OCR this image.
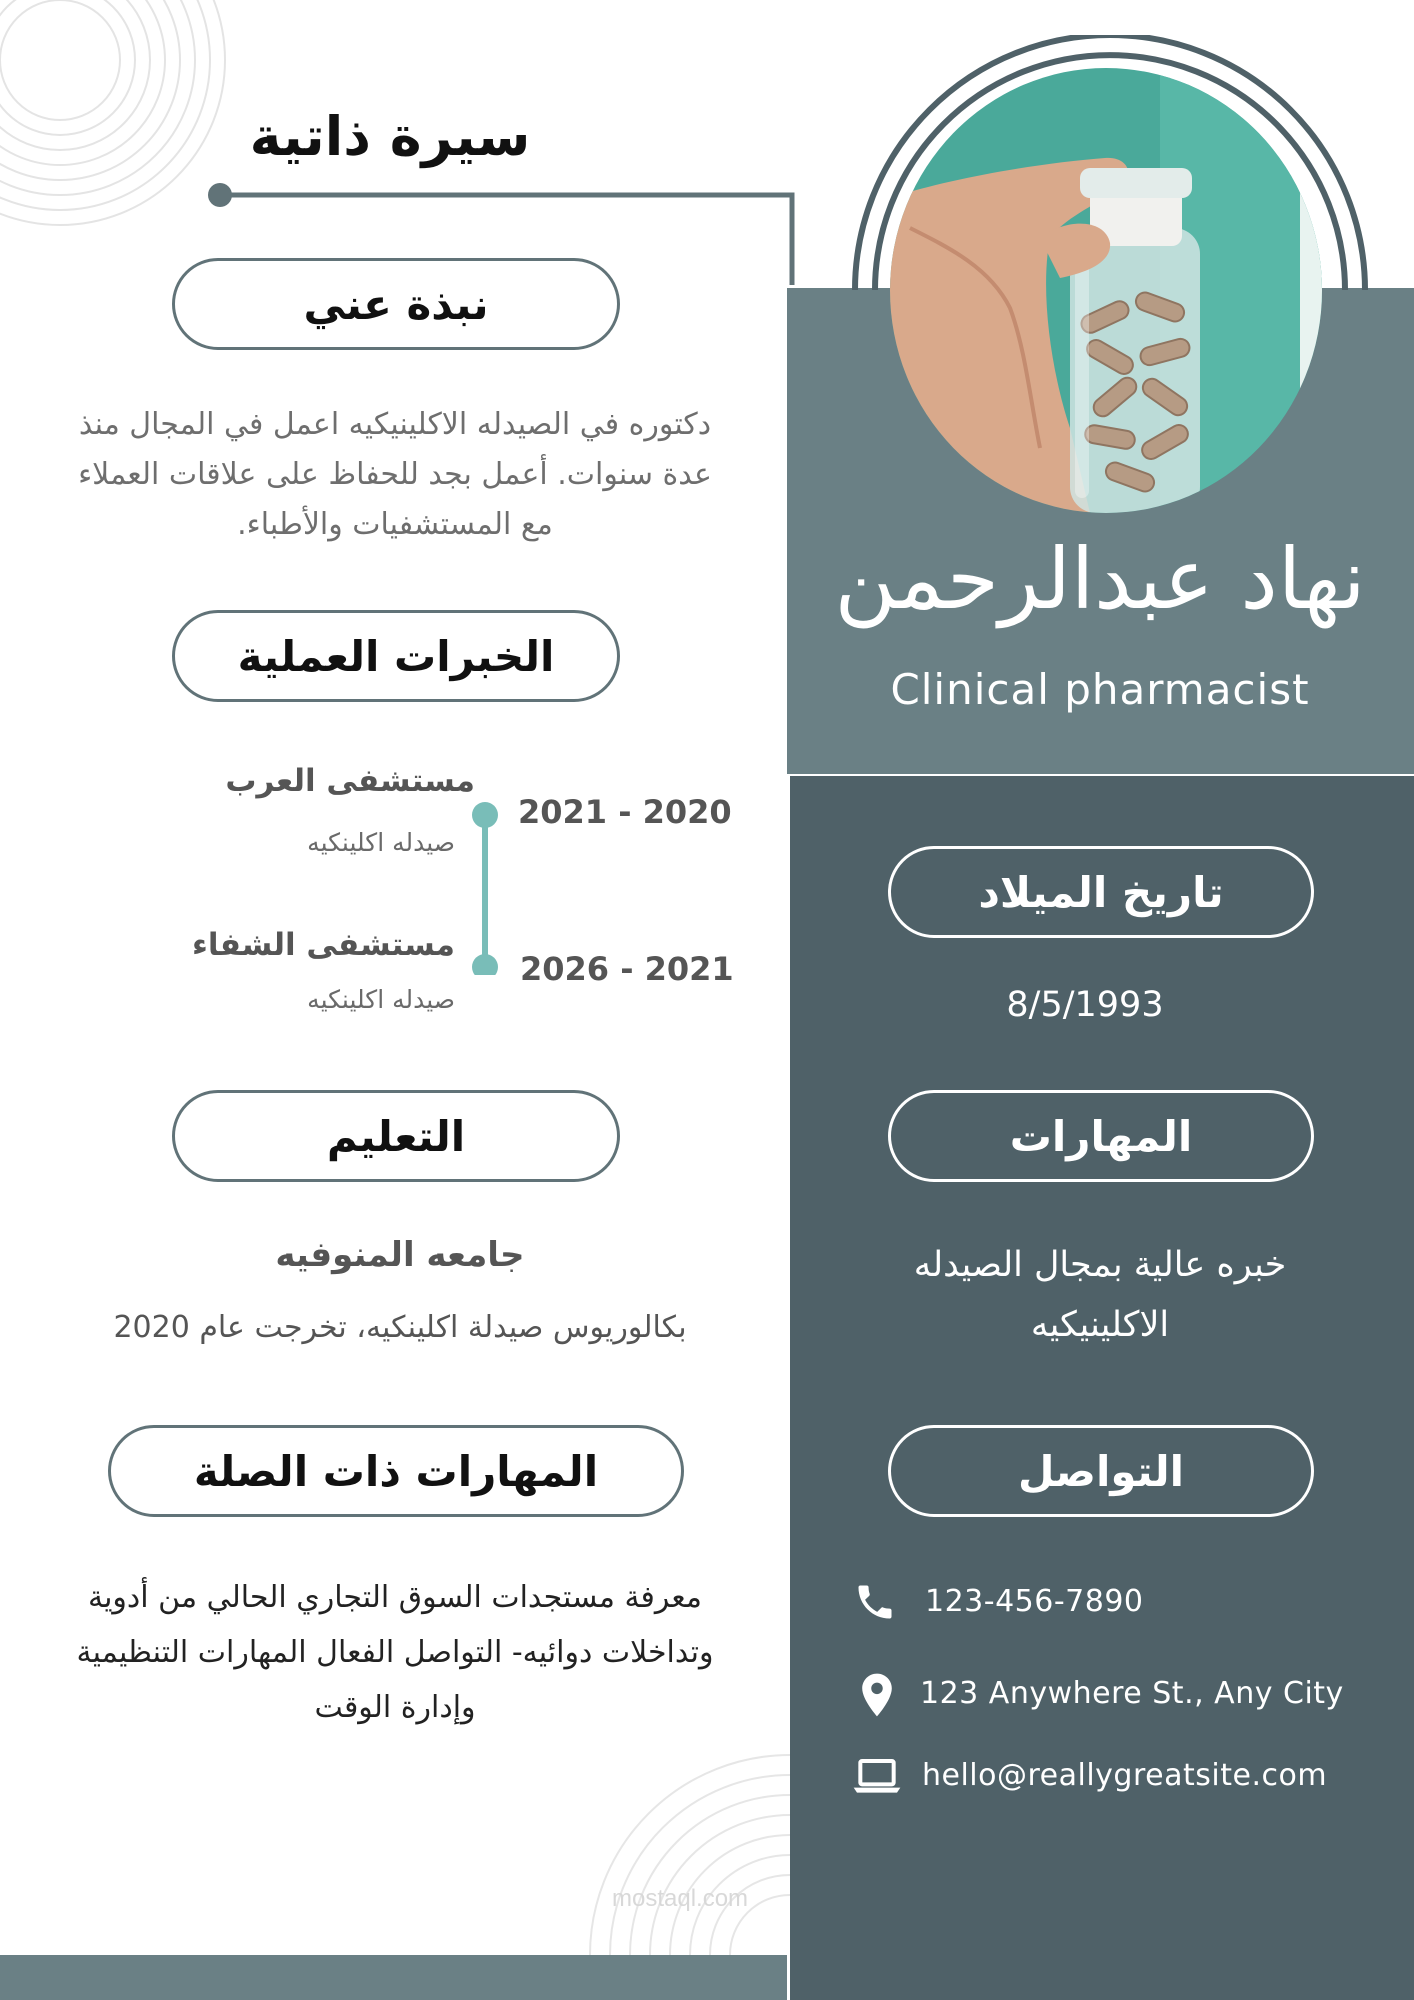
mostaql.com
سيرة ذاتية
نبذة عني
دكتوره في الصيدله الاكلينيكيه اعمل في المجال منذ عدة سنوات. أعمل بجد للحفاظ على علاقات العملاء مع المستشفيات والأطباء.
الخبرات العملية
مستشفى العرب
صيدله اكلينكيه
2021 - 2020
مستشفى الشفاء
صيدله اكلينكيه
2026 - 2021
التعليم
جامعه المنوفيه
بكالوريوس صيدلة اكلينكيه، تخرجت عام 2020
المهارات ذات الصلة
معرفة مستجدات السوق التجاري الحالي من أدوية وتداخلات دوائيه- التواصل الفعال المهارات التنظيمية وإدارة الوقت
نهاد عبدالرحمن
Clinical pharmacist
تاريخ الميلاد
8/5/1993
المهارات
خبره عالية بمجال الصيدله الاكلينيكيه
التواصل
123-456-7890
123 Anywhere St., Any City
hello@reallygreatsite.com
